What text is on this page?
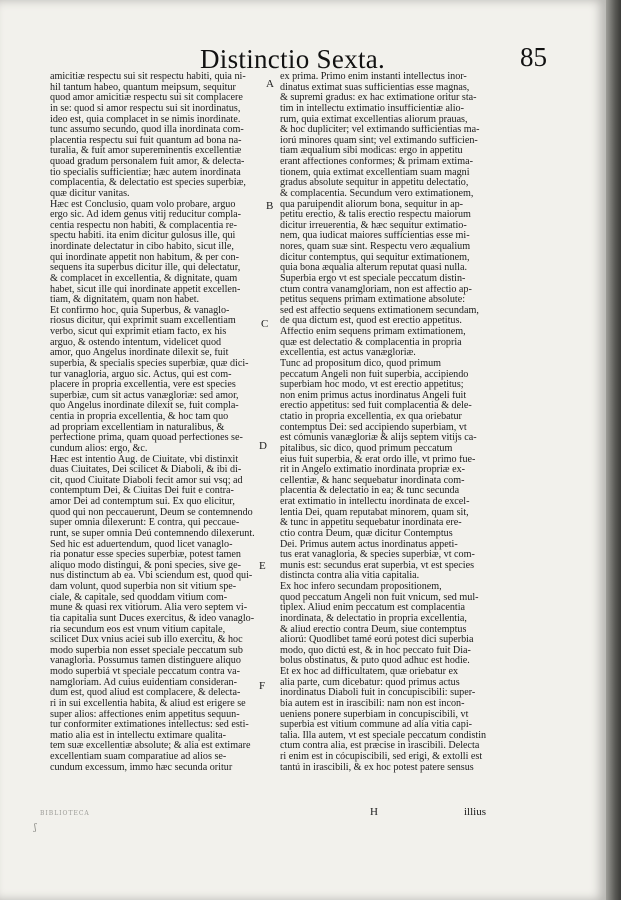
Distinctio Sexta.	85
amicitiæ respectu sui sit respectu habiti, quia ni-
hil tantum habeo, quantum meipsum, sequitur
quod amor amicitiæ respectu sui sit complacere
in se: quod si amor respectu sui sit inordinatus,
ideo est, quia complacet in se nimis inordinate.
tunc assumo secundo, quod illa inordinata com-
placentia respectu sui fuit quantum ad bona na-
turalia, & fuit amor supereminentis excellentiæ
quoad gradum personalem fuit amor, & delecta-
tio specialis sufficientiæ; hæc autem inordinata
complacentia, & delectatio est species superbiæ,
quæ dicitur vanitas.
Hæc est Conclusio, quam volo probare, arguo
ergo sic. Ad idem genus vitij reducitur compla-
centia respectu non habiti, & complacentia re-
spectu habiti. ita enim dicitur gulosus ille, qui
inordinate delectatur in cibo habito, sicut ille,
qui inordinate appetit non habitum, & per con-
sequens ita superbus dicitur ille, qui delectatur,
& complacet in excellentia, & dignitate, quam
habet, sicut ille qui inordinate appetit excellen-
tiam, & dignitatem, quam non habet.
Et confirmo hoc, quia Superbus, & vanaglo-
riosus dicitur, qui exprimit suam excellentiam
verbo, sicut qui exprimit etiam facto, ex his
arguo, & ostendo intentum, videlicet quod
amor, quo Angelus inordinate dilexit se, fuit
superbia, & specialis species superbiæ, quæ dici-
tur vanagloria, arguo sic. Actus, qui est com-
placere in propria excellentia, vere est species
superbiæ, cum sit actus vanægloriæ: sed amor,
quo Angelus inordinate dilexit se, fuit compla-
centia in propria excellentia, & hoc tam quo
ad propriam excellentiam in naturalibus, &
perfectione prima, quam quoad perfectiones se-
cundum alios: ergo, &c.
Hæc est intentio Aug. de Ciuitate, vbi distinxit
duas Ciuitates, Dei scilicet & Diaboli, & ibi di-
cit, quod Ciuitate Diaboli fecit amor sui vsq; ad
contemptum Dei, & Ciuitas Dei fuit e contra-
amor Dei ad contemptum sui. Ex quo elicitur,
quod qui non peccauerunt, Deum se contemnendo
super omnia dilexerunt: E contra, qui peccaue-
runt, se super omnia Deú contemnendo dilexerunt.
Sed hic est aduertendum, quod licet vanaglo-
ria ponatur esse species superbiæ, potest tamen
aliquo modo distingui, & poni species, sive ge-
nus distinctum ab ea. Vbi sciendum est, quod qui-
dam volunt, quod superbia non sit vitium spe-
ciale, & capitale, sed quoddam vitium com-
mune & quasi rex vitiorum. Alia vero septem vi-
tia capitalia sunt Duces exercitus, & ideo vanaglo-
ria secundum eos est vnum vitium capitale,
scilicet Dux vnius aciei sub illo exercitu, & hoc
modo superbia non esset speciale peccatum sub
vanagloria. Possumus tamen distinguere aliquo
modo superbiá vt speciale peccatum contra va-
namgloriam. Ad cuius euidentiam consideran-
dum est, quod aliud est complacere, & delecta-
ri in sui excellentia habita, & aliud est erigere se
super alios: affectiones enim appetitus sequun-
tur conformiter extimationes intellectus: sed esti-
matio alia est in intellectu extimare qualita-
tem suæ excellentiæ absolute; & alia est extimare
excellentiam suam comparatiue ad alios se-
cundum excessum, immo hæc secunda oritur
ex prima. Primo enim instanti intellectus inor-
dinatus extimat suas sufficientias esse magnas,
& supremi gradus: ex hac extimatione oritur sta-
tim in intellectu extimatio insufficientiæ alio-
rum, quia extimat excellentias aliorum prauas,
& hoc dupliciter; vel extimando sufficientias ma-
iorú minores quam sint; vel extimando sufficien-
tiam æqualium sibi modicas: ergo in appetitu
erant affectiones conformes; & primam extima-
tionem, quia extimat excellentiam suam magni
gradus absolute sequitur in appetitu delectatio,
& complacentia. Secundum vero extimationem,
qua paruipendit aliorum bona, sequitur in ap-
petitu erectio, & talis erectio respectu maiorum
dicitur irreuerentia, & hæc sequitur extimatio-
nem, qua iudicat maiores sufficientias esse mi-
nores, quam suæ sint. Respectu vero æqualium
dicitur contemptus, qui sequitur extimationem,
quia bona æqualia alterum reputat quasi nulla.
Superbia ergo vt est speciale peccatum distin-
ctum contra vanamgloriam, non est affectio ap-
petitus sequens primam extimatione absolute:
sed est affectio sequens extimationem secundam,
de qua dictum est, quod est erectio appetitus.
Affectio enim sequens primam extimationem,
quæ est delectatio & complacentia in propria
excellentia, est actus vanægloriæ.
Tunc ad propositum dico, quod primum
peccatum Angeli non fuit superbia, accipiendo
superbiam hoc modo, vt est erectio appetitus;
non enim primus actus inordinatus Angeli fuit
erectio appetitus: sed fuit complacentia & dele-
ctatio in propria excellentia, ex qua oriebatur
contemptus Dei: sed accipiendo superbiam, vt
est cómunis vanægloriæ & alijs septem vitijs ca-
pitalibus, sic dico, quod primum peccatum
eius fuit superbia, & erat ordo ille, vt primo fue-
rit in Angelo extimatio inordinata propriæ ex-
cellentiæ, & hanc sequebatur inordinata com-
placentia & delectatio in ea; & tunc secunda
erat extimatio in intellectu inordinata de excel-
lentia Dei, quam reputabat minorem, quam sit,
& tunc in appetitu sequebatur inordinata ere-
ctio contra Deum, quæ dicitur Contemptus
Dei. Primus autem actus inordinatus appeti-
tus erat vanagloria, & species superbiæ, vt com-
munis est: secundus erat superbia, vt est species
distincta contra alia vitia capitalia.
Ex hoc infero secundam propositionem,
quod peccatum Angeli non fuit vnicum, sed mul-
tiplex. Aliud enim peccatum est complacentia
inordinata, & delectatio in propria excellentia,
& aliud erectio contra Deum, siue contemptus
aliorú: Quodlibet tamé eorú potest dici superbia
modo, quo dictú est, & in hoc peccato fuit Dia-
bolus obstinatus, & puto quod adhuc est hodie.
Et ex hoc ad difficultatem, quæ oriebatur ex
alia parte, cum dicebatur: quod primus actus
inordinatus Diaboli fuit in concupiscibili: super-
bia autem est in irascibili: nam non est incon-
ueniens ponere superbiam in concupiscibili, vt
superbia est vitium commune ad alia vitia capi-
talia. Illa autem, vt est speciale peccatum condistin
ctum contra alia, est præcise in irascibili. Delecta
ri enim est in cócupiscibili, sed erigi, & extolli est
tantú in irascibili, & ex hoc potest patere sensus
A
B
C
D
E
F
BIBLIOTECA
ʃ
H	illius
